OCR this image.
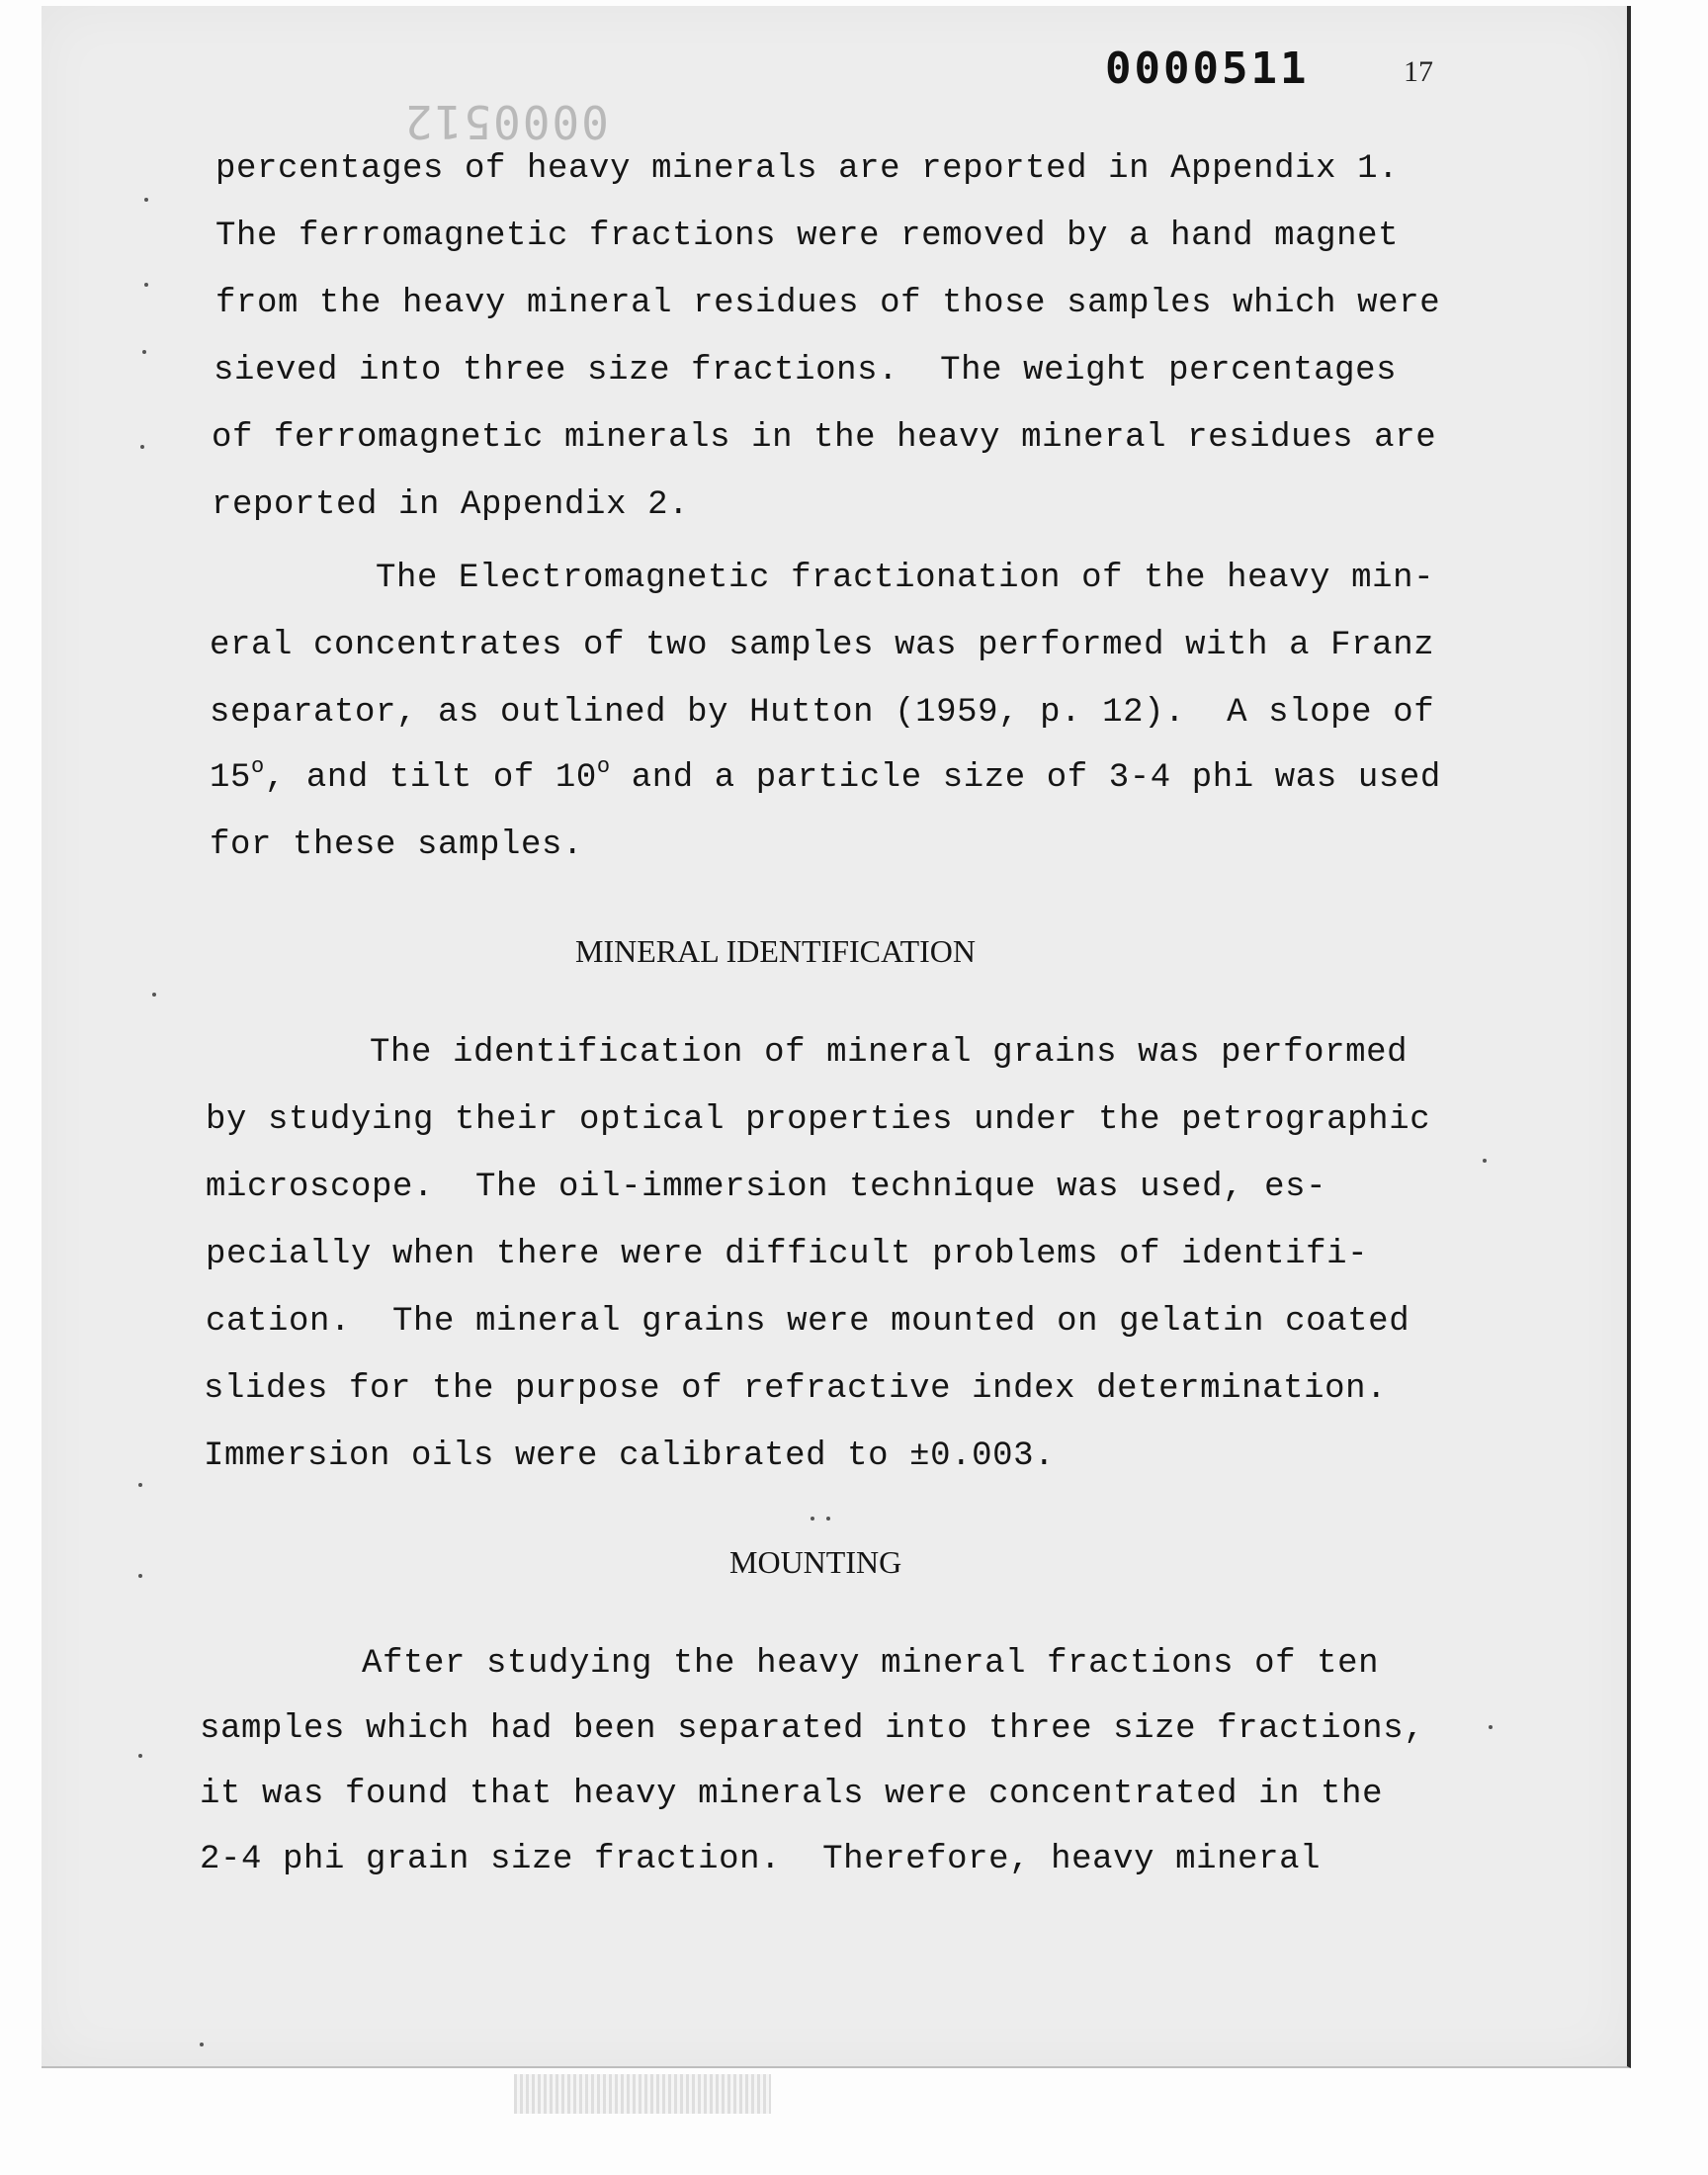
0000511	17
0000512
percentages of heavy minerals are reported in Appendix 1.
The ferromagnetic fractions were removed by a hand magnet
from the heavy mineral residues of those samples which were
sieved into three size fractions.  The weight percentages
of ferromagnetic minerals in the heavy mineral residues are
reported in Appendix 2.
The Electromagnetic fractionation of the heavy min-
eral concentrates of two samples was performed with a Franz
separator, as outlined by Hutton (1959, p. 12).  A slope of
15$^o$, and tilt of 10$^o$ and a particle size of 3-4 phi was used
for these samples.
MINERAL IDENTIFICATION
The identification of mineral grains was performed
by studying their optical properties under the petrographic
microscope.  The oil-immersion technique was used, es-
pecially when there were difficult problems of identifi-
cation.  The mineral grains were mounted on gelatin coated
slides for the purpose of refractive index determination.
Immersion oils were calibrated to ±0.003.
MOUNTING
After studying the heavy mineral fractions of ten
samples which had been separated into three size fractions,
it was found that heavy minerals were concentrated in the
2-4 phi grain size fraction.  Therefore, heavy mineral
